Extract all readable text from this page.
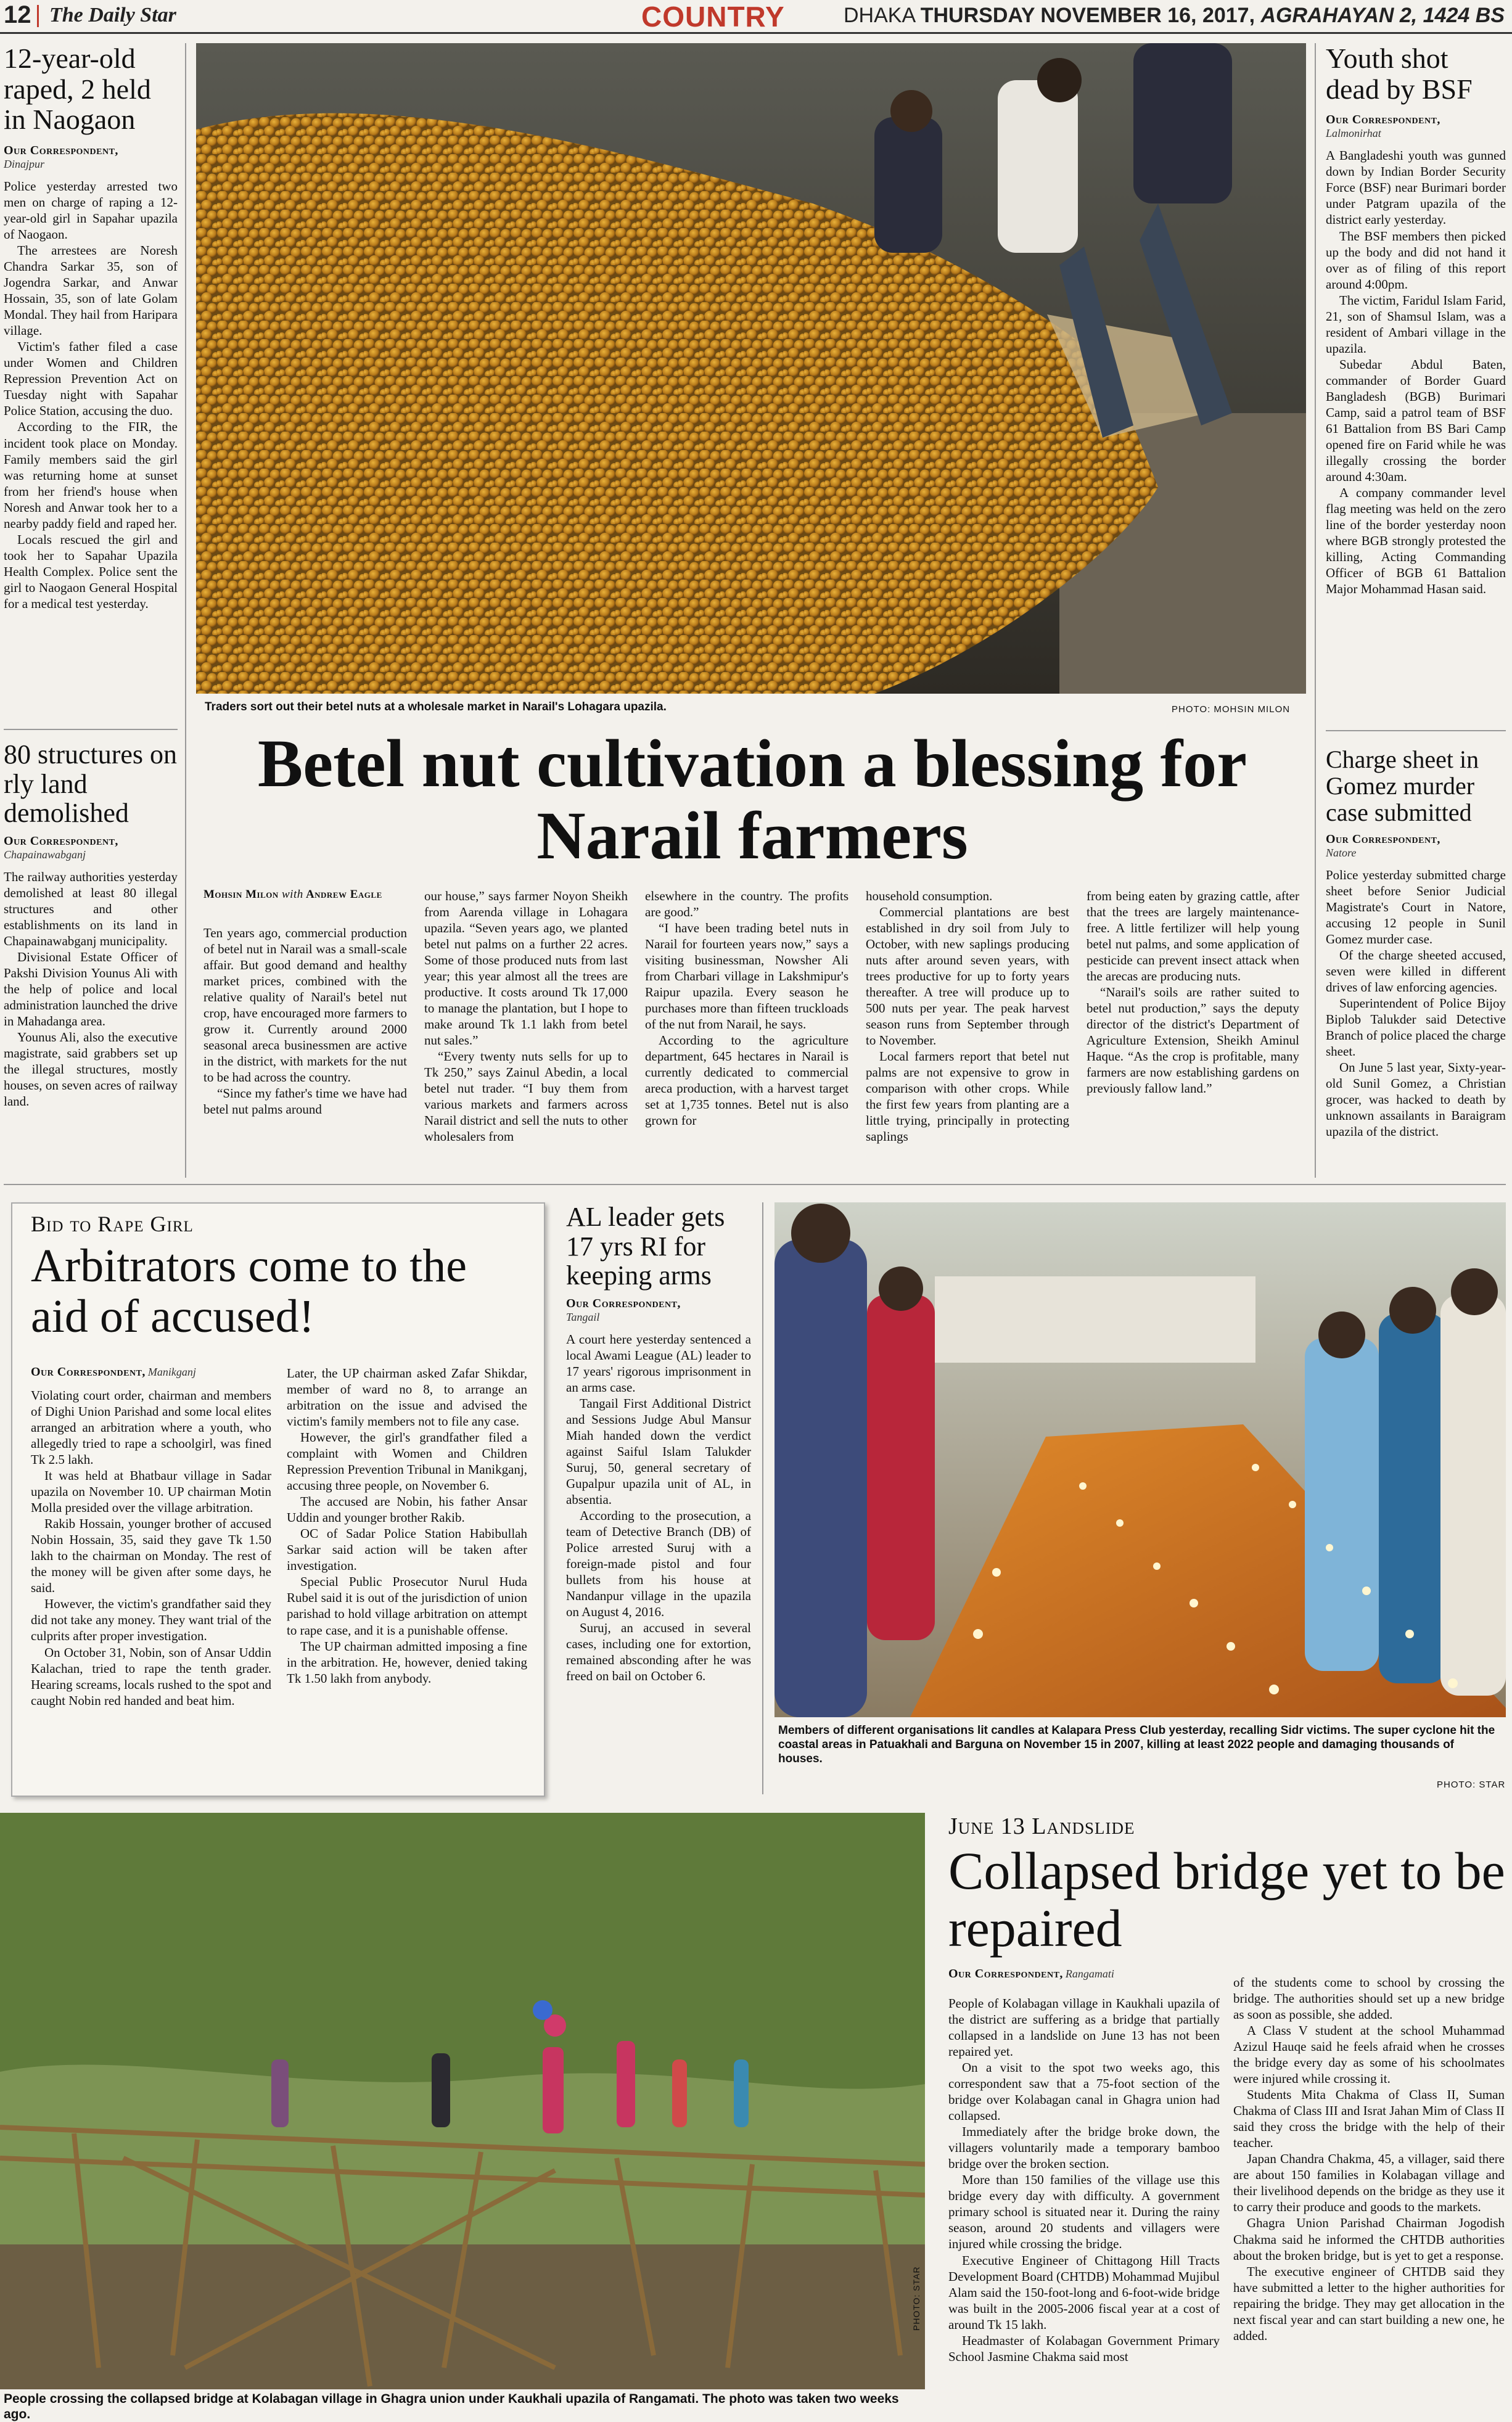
12 The Daily Star	COUNTRY	DHAKA THURSDAY NOVEMBER 16, 2017, AGRAHAYAN 2, 1424 BS
12-year-old raped, 2 held in Naogaon
Our Correspondent,
Dinajpur

Police yesterday arrested two men on charge of raping a 12-year-old girl in Sapahar upazila of Naogaon.

The arrestees are Noresh Chandra Sarkar 35, son of Jogendra Sarkar, and Anwar Hossain, 35, son of late Golam Mondal. They hail from Haripara village.

Victim's father filed a case under Women and Children Repression Prevention Act on Tuesday night with Sapahar Police Station, accusing the duo.

According to the FIR, the incident took place on Monday. Family members said the girl was returning home at sunset from her friend's house when Noresh and Anwar took her to a nearby paddy field and raped her.

Locals rescued the girl and took her to Sapahar Upazila Health Complex. Police sent the girl to Naogaon General Hospital for a medical test yesterday.

80 structures on rly land demolished
Our Correspondent,
Chapainawabganj

The railway authorities yesterday demolished at least 80 illegal structures and other establishments on its land in Chapainawabganj municipality.

Divisional Estate Officer of Pakshi Division Younus Ali with the help of police and local administration launched the drive in Mahadanga area.

Younus Ali, also the executive magistrate, said grabbers set up the illegal structures, mostly houses, on seven acres of railway land.

Traders sort out their betel nuts at a wholesale market in Narail's Lohagara upazila.	PHOTO: MOHSIN MILON
Betel nut cultivation a blessing for Narail farmers
Mohsin Milon with Andrew Eagle

Ten years ago, commercial production of betel nut in Narail was a small-scale affair. But good demand and healthy market prices, combined with the relative quality of Narail's betel nut crop, have encouraged more farmers to grow it. Currently around 2000 seasonal areca businessmen are active in the district, with markets for the nut to be had across the country.

“Since my father's time we have had betel nut palms around

our house,” says farmer Noyon Sheikh from Aarenda village in Lohagara upazila. “Seven years ago, we planted betel nut palms on a further 22 acres. Some of those produced nuts from last year; this year almost all the trees are productive. It costs around Tk 17,000 to manage the plantation, but I hope to make around Tk 1.1 lakh from betel nut sales.”

“Every twenty nuts sells for up to Tk 250,” says Zainul Abedin, a local betel nut trader. “I buy them from various markets and farmers across Narail district and sell the nuts to other wholesalers from

elsewhere in the country. The profits are good.”

“I have been trading betel nuts in Narail for fourteen years now,” says a visiting businessman, Nowsher Ali from Charbari village in Lakshmipur's Raipur upazila. Every season he purchases more than fifteen truckloads of the nut from Narail, he says.

According to the agriculture department, 645 hectares in Narail is currently dedicated to commercial areca production, with a harvest target set at 1,735 tonnes. Betel nut is also grown for

household consumption.

Commercial plantations are best established in dry soil from July to October, with new saplings producing nuts after around seven years, with trees productive for up to forty years thereafter. A tree will produce up to 500 nuts per year. The peak harvest season runs from September through to November.

Local farmers report that betel nut palms are not expensive to grow in comparison with other crops. While the first few years from planting are a little trying, principally in protecting saplings

from being eaten by grazing cattle, after that the trees are largely maintenance-free. A little fertilizer will help young betel nut palms, and some application of pesticide can prevent insect attack when the arecas are producing nuts.

“Narail's soils are rather suited to betel nut production,” says the deputy director of the district's Department of Agriculture Extension, Sheikh Aminul Haque. “As the crop is profitable, many farmers are now establishing gardens on previously fallow land.”

Youth shot dead by BSF
Our Correspondent,
Lalmonirhat

A Bangladeshi youth was gunned down by Indian Border Security Force (BSF) near Burimari border under Patgram upazila of the district early yesterday.

The BSF members then picked up the body and did not hand it over as of filing of this report around 4:00pm.

The victim, Faridul Islam Farid, 21, son of Shamsul Islam, was a resident of Ambari village in the upazila.

Subedar Abdul Baten, commander of Border Guard Bangladesh (BGB) Burimari Camp, said a patrol team of BSF 61 Battalion from BS Bari Camp opened fire on Farid while he was illegally crossing the border around 4:30am.

A company commander level flag meeting was held on the zero line of the border yesterday noon where BGB strongly protested the killing, Acting Commanding Officer of BGB 61 Battalion Major Mohammad Hasan said.

Charge sheet in Gomez murder case submitted
Our Correspondent,
Natore

Police yesterday submitted charge sheet before Senior Judicial Magistrate's Court in Natore, accusing 12 people in Sunil Gomez murder case.

Of the charge sheeted accused, seven were killed in different drives of law enforcing agencies.

Superintendent of Police Bijoy Biplob Talukder said Detective Branch of police placed the charge sheet.

On June 5 last year, Sixty-year-old Sunil Gomez, a Christian grocer, was hacked to death by unknown assailants in Baraigram upazila of the district.

Bid to Rape Girl
Arbitrators come to the aid of accused!
Our Correspondent, Manikganj

Violating court order, chairman and members of Dighi Union Parishad and some local elites arranged an arbitration where a youth, who allegedly tried to rape a schoolgirl, was fined Tk 2.5 lakh.

It was held at Bhatbaur village in Sadar upazila on November 10. UP chairman Motin Molla presided over the village arbitration.

Rakib Hossain, younger brother of accused Nobin Hossain, 35, said they gave Tk 1.50 lakh to the chairman on Monday. The rest of the money will be given after some days, he said.

However, the victim's grandfather said they did not take any money. They want trial of the culprits after proper investigation.

On October 31, Nobin, son of Ansar Uddin Kalachan, tried to rape the tenth grader. Hearing screams, locals rushed to the spot and caught Nobin red handed and beat him.

Later, the UP chairman asked Zafar Shikdar, member of ward no 8, to arrange an arbitration on the issue and advised the victim's family members not to file any case.

However, the girl's grandfather filed a complaint with Women and Children Repression Prevention Tribunal in Manikganj, accusing three people, on November 6.

The accused are Nobin, his father Ansar Uddin and younger brother Rakib.

OC of Sadar Police Station Habibullah Sarkar said action will be taken after investigation.

Special Public Prosecutor Nurul Huda Rubel said it is out of the jurisdiction of union parishad to hold village arbitration on attempt to rape case, and it is a punishable offense.

The UP chairman admitted imposing a fine in the arbitration. He, however, denied taking Tk 1.50 lakh from anybody.

AL leader gets 17 yrs RI for keeping arms
Our Correspondent,
Tangail

A court here yesterday sentenced a local Awami League (AL) leader to 17 years' rigorous imprisonment in an arms case.

Tangail First Additional District and Sessions Judge Abul Mansur Miah handed down the verdict against Saiful Islam Talukder Suruj, 50, general secretary of Gupalpur upazila unit of AL, in absentia.

According to the prosecution, a team of Detective Branch (DB) of Police arrested Suruj with a foreign-made pistol and four bullets from his house at Nandanpur village in the upazila on August 4, 2016.

Suruj, an accused in several cases, including one for extortion, remained absconding after he was freed on bail on October 6.

Members of different organisations lit candles at Kalapara Press Club yesterday, recalling Sidr victims. The super cyclone hit the coastal areas in Patuakhali and Barguna on November 15 in 2007, killing at least 2022 people and damaging thousands of houses.
PHOTO: STAR
PHOTO: STAR
People crossing the collapsed bridge at Kolabagan village in Ghagra union under Kaukhali upazila of Rangamati. The photo was taken two weeks ago.
June 13 Landslide
Collapsed bridge yet to be repaired
Our Correspondent, Rangamati

People of Kolabagan village in Kaukhali upazila of the district are suffering as a bridge that partially collapsed in a landslide on June 13 has not been repaired yet.

On a visit to the spot two weeks ago, this correspondent saw that a 75-foot section of the bridge over Kolabagan canal in Ghagra union had collapsed.

Immediately after the bridge broke down, the villagers voluntarily made a temporary bamboo bridge over the broken section.

More than 150 families of the village use this bridge every day with difficulty. A government primary school is situated near it. During the rainy season, around 20 students and villagers were injured while crossing the bridge.

Executive Engineer of Chittagong Hill Tracts Development Board (CHTDB) Mohammad Mujibul Alam said the 150-foot-long and 6-foot-wide bridge was built in the 2005-2006 fiscal year at a cost of around Tk 15 lakh.

Headmaster of Kolabagan Government Primary School Jasmine Chakma said most

of the students come to school by crossing the bridge. The authorities should set up a new bridge as soon as possible, she added.

A Class V student at the school Muhammad Azizul Hauqe said he feels afraid when he crosses the bridge every day as some of his schoolmates were injured while crossing it.

Students Mita Chakma of Class II, Suman Chakma of Class III and Israt Jahan Mim of Class II said they cross the bridge with the help of their teacher.

Japan Chandra Chakma, 45, a villager, said there are about 150 families in Kolabagan village and their livelihood depends on the bridge as they use it to carry their produce and goods to the markets.

Ghagra Union Parishad Chairman Jogodish Chakma said he informed the CHTDB authorities about the broken bridge, but is yet to get a response.

The executive engineer of CHTDB said they have submitted a letter to the higher authorities for repairing the bridge. They may get allocation in the next fiscal year and can start building a new one, he added.
